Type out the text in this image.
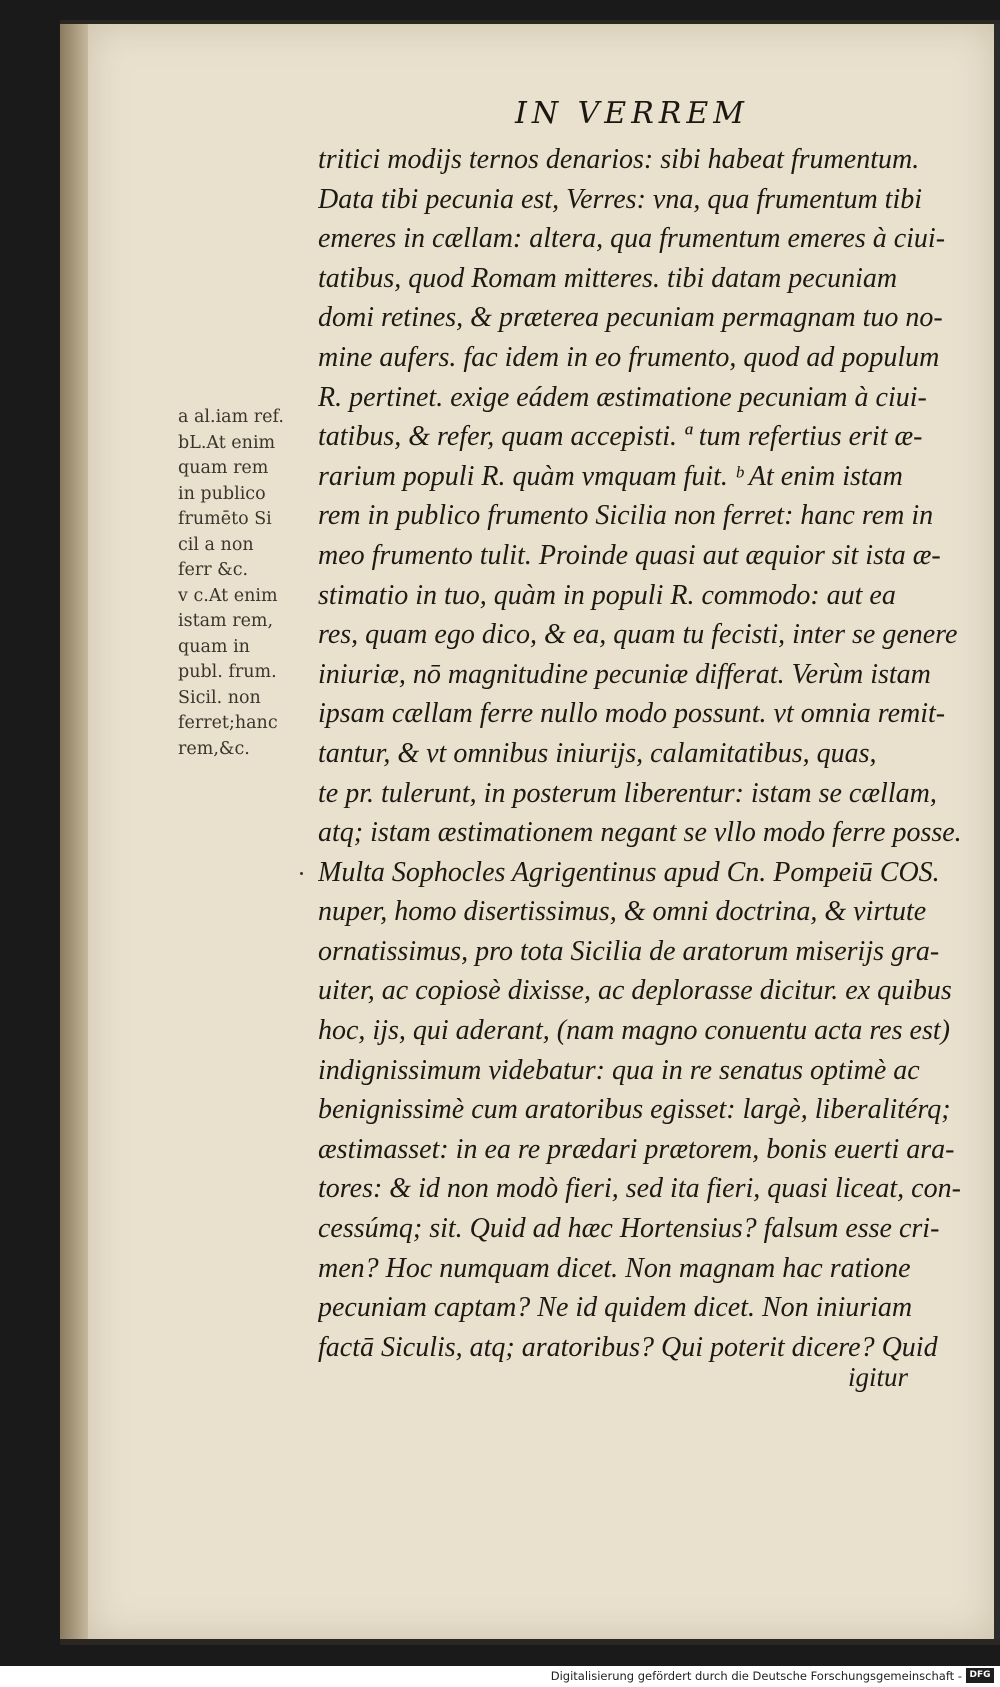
IN VERREM
a al.iam ref.
bL.At enim
quam rem
in publico
frumēto Si
cil a non
ferr &c.
v c.At enim
istam rem,
quam in
publ. frum.
Sicil. non
ferret;hanc
rem,&c.
tritici modijs ternos denarios: sibi habeat frumentum.
Data tibi pecunia est, Verres: vna, qua frumentum tibi
emeres in cællam: altera, qua frumentum emeres à ciui-
tatibus, quod Romam mitteres. tibi datam pecuniam
domi retines, & præterea pecuniam permagnam tuo no-
mine aufers. fac idem in eo frumento, quod ad populum
R. pertinet. exige eádem æstimatione pecuniam à ciui-
tatibus, & refer, quam accepisti. ª tum refertius erit æ-
rarium populi R. quàm vmquam fuit. ᵇ At enim istam
rem in publico frumento Sicilia non ferret: hanc rem in
meo frumento tulit. Proinde quasi aut æquior sit ista æ-
stimatio in tuo, quàm in populi R. commodo: aut ea
res, quam ego dico, & ea, quam tu fecisti, inter se genere
iniuriæ, nō magnitudine pecuniæ differat. Verùm istam
ipsam cællam ferre nullo modo possunt. vt omnia remit-
tantur, & vt omnibus iniurijs, calamitatibus, quas,
te pr. tulerunt, in posterum liberentur: istam se cællam,
atq; istam æstimationem negant se vllo modo ferre posse.
Multa Sophocles Agrigentinus apud Cn. Pompeiū COS.
nuper, homo disertissimus, & omni doctrina, & virtute
ornatissimus, pro tota Sicilia de aratorum miserijs gra-
uiter, ac copiosè dixisse, ac deplorasse dicitur. ex quibus
hoc, ijs, qui aderant, (nam magno conuentu acta res est)
indignissimum videbatur: qua in re senatus optimè ac
benignissimè cum aratoribus egisset: largè, liberalitérq;
æstimasset: in ea re prædari prætorem, bonis euerti ara-
tores: & id non modò fieri, sed ita fieri, quasi liceat, con-
cessúmq; sit. Quid ad hæc Hortensius? falsum esse cri-
men? Hoc numquam dicet. Non magnam hac ratione
pecuniam captam? Ne id quidem dicet. Non iniuriam
factā Siculis, atq; aratoribus? Qui poterit dicere? Quid
igitur
Digitalisierung gefördert durch die Deutsche Forschungsgemeinschaft - DFG
